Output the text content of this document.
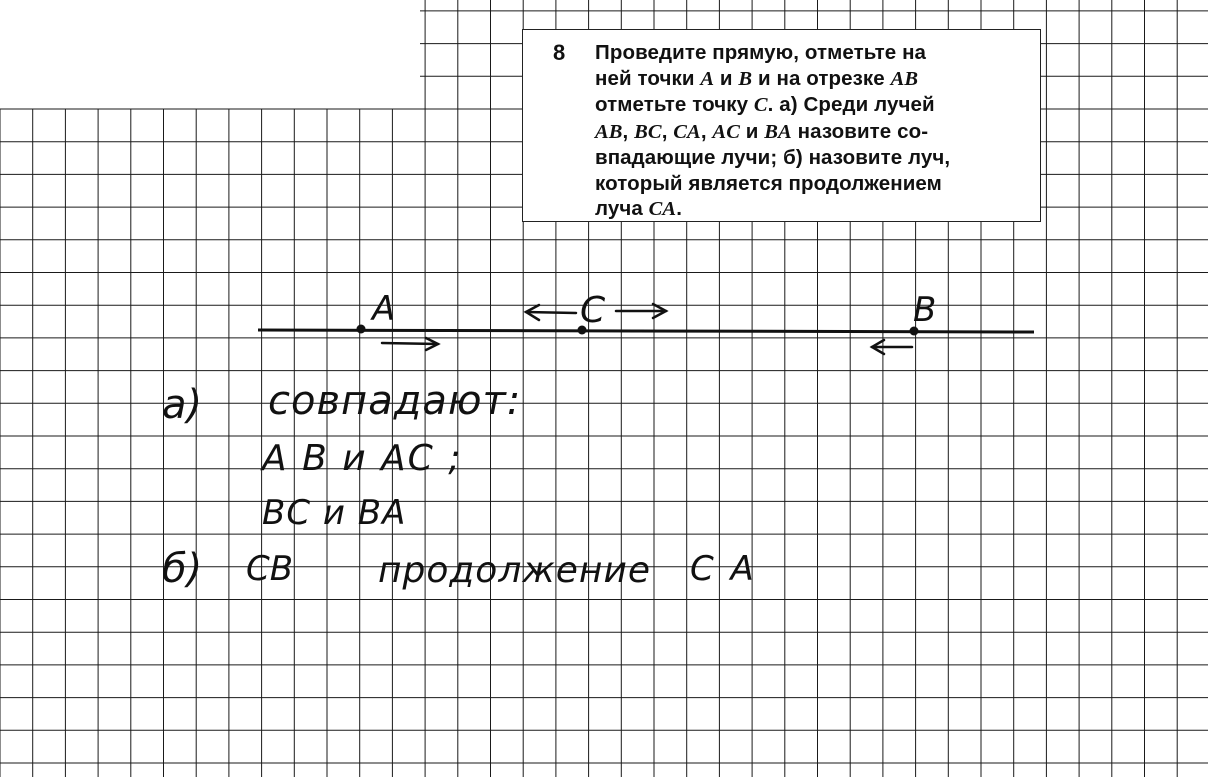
8 Проведите прямую, отметьте на
ней точки A и B и на отрезке AB
отметьте точку C. а) Среди лучей
AB, BC, CA, AC и BA назовите со-
впадающие лучи; б) назовите луч,
который является продолжением
луча CA.
A	C	B
а) совпадают:
A B и AC ;
BC и BA
б) CB продолжение C A
